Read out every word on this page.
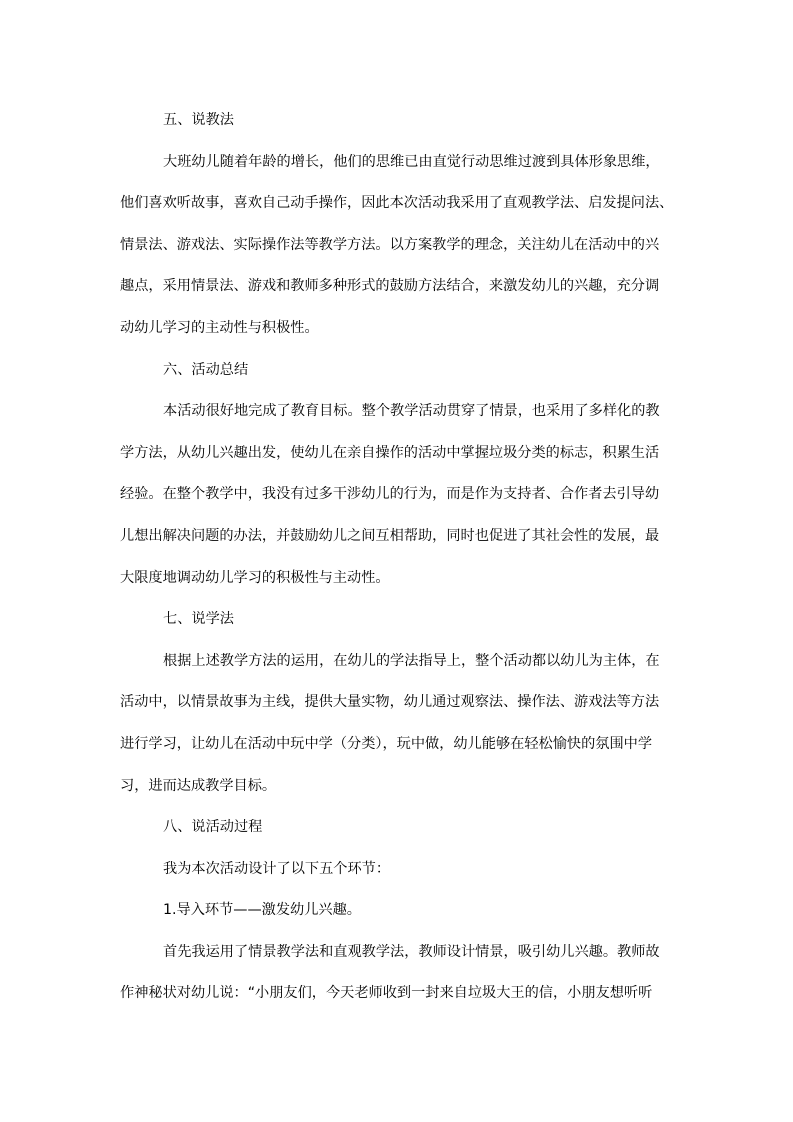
五、说教法
大班幼儿随着年龄的增长，他们的思维已由直觉行动思维过渡到具体形象思维，
他们喜欢听故事，喜欢自己动手操作，因此本次活动我采用了直观教学法、启发提问法、
情景法、游戏法、实际操作法等教学方法。以方案教学的理念，关注幼儿在活动中的兴
趣点，采用情景法、游戏和教师多种形式的鼓励方法结合，来激发幼儿的兴趣，充分调
动幼儿学习的主动性与积极性。
六、活动总结
本活动很好地完成了教育目标。整个教学活动贯穿了情景，也采用了多样化的教
学方法，从幼儿兴趣出发，使幼儿在亲自操作的活动中掌握垃圾分类的标志，积累生活
经验。在整个教学中，我没有过多干涉幼儿的行为，而是作为支持者、合作者去引导幼
儿想出解决问题的办法，并鼓励幼儿之间互相帮助，同时也促进了其社会性的发展，最
大限度地调动幼儿学习的积极性与主动性。
七、说学法
根据上述教学方法的运用，在幼儿的学法指导上，整个活动都以幼儿为主体，在
活动中，以情景故事为主线，提供大量实物，幼儿通过观察法、操作法、游戏法等方法
进行学习，让幼儿在活动中玩中学（分类），玩中做，幼儿能够在轻松愉快的氛围中学
习，进而达成教学目标。
八、说活动过程
我为本次活动设计了以下五个环节：
1.导入环节——激发幼儿兴趣。
首先我运用了情景教学法和直观教学法，教师设计情景，吸引幼儿兴趣。教师故
作神秘状对幼儿说：“小朋友们，今天老师收到一封来自垃圾大王的信，小朋友想听听
